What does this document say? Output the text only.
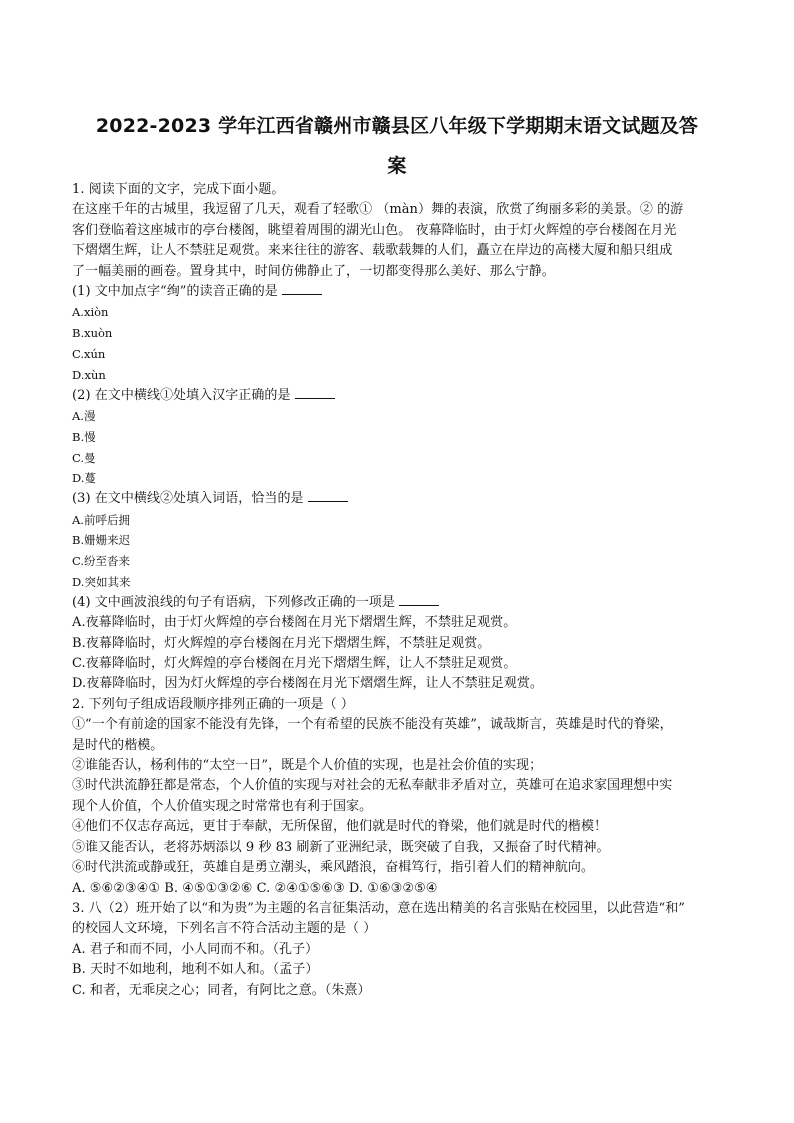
2022-2023 学年江西省赣州市赣县区八年级下学期期末语文试题及答
案
1. 阅读下面的文字，完成下面小题。
在这座千年的古城里，我逗留了几天，观看了轻歌① （màn）舞的表演，欣赏了绚丽多彩的美景。② 的游
客们登临着这座城市的亭台楼阁，眺望着周围的湖光山色。 夜幕降临时，由于灯火辉煌的亭台楼阁在月光
下熠熠生辉，让人不禁驻足观赏。来来往往的游客、载歌载舞的人们，矗立在岸边的高楼大厦和船只组成
了一幅美丽的画卷。置身其中，时间仿佛静止了，一切都变得那么美好、那么宁静。
(1) 文中加点字“绚”的读音正确的是
A.xiòn
B.xuòn
C.xún
D.xùn
(2) 在文中横线①处填入汉字正确的是
A.漫
B.慢
C.曼
D.蔓
(3) 在文中横线②处填入词语，恰当的是
A.前呼后拥
B.姗姗来迟
C.纷至沓来
D.突如其来
(4) 文中画波浪线的句子有语病，下列修改正确的一项是
A.夜幕降临时，由于灯火辉煌的亭台楼阁在月光下熠熠生辉，不禁驻足观赏。
B.夜幕降临时，灯火辉煌的亭台楼阁在月光下熠熠生辉，不禁驻足观赏。
C.夜幕降临时，灯火辉煌的亭台楼阁在月光下熠熠生辉，让人不禁驻足观赏。
D.夜幕降临时，因为灯火辉煌的亭台楼阁在月光下熠熠生辉，让人不禁驻足观赏。
2. 下列句子组成语段顺序排列正确的一项是（ ）
①“一个有前途的国家不能没有先锋，一个有希望的民族不能没有英雄”，诚哉斯言，英雄是时代的脊梁，
是时代的楷模。
②谁能否认，杨利伟的“太空一日”，既是个人价值的实现，也是社会价值的实现；
③时代洪流静狂都是常态，个人价值的实现与对社会的无私奉献非矛盾对立，英雄可在追求家国理想中实
现个人价值，个人价值实现之时常常也有利于国家。
④他们不仅志存高远，更甘于奉献，无所保留，他们就是时代的脊梁，他们就是时代的楷模！
⑤谁又能否认，老将苏炳添以 9 秒 83 刷新了亚洲纪录，既突破了自我，又振奋了时代精神。
⑥时代洪流或静或狂，英雄自是勇立潮头，乘风踏浪，奋楫笃行，指引着人们的精神航向。
A. ⑤⑥②③④① B. ④⑤①③②⑥ C. ②④①⑤⑥③ D. ①⑥③②⑤④
3. 八（2）班开始了以“和为贵”为主题的名言征集活动，意在选出精美的名言张贴在校园里，以此营造“和”
的校园人文环境，下列名言不符合活动主题的是（ ）
A. 君子和而不同，小人同而不和。（孔子）
B. 天时不如地利，地利不如人和。（孟子）
C. 和者，无乖戾之心；同者，有阿比之意。（朱熹）
